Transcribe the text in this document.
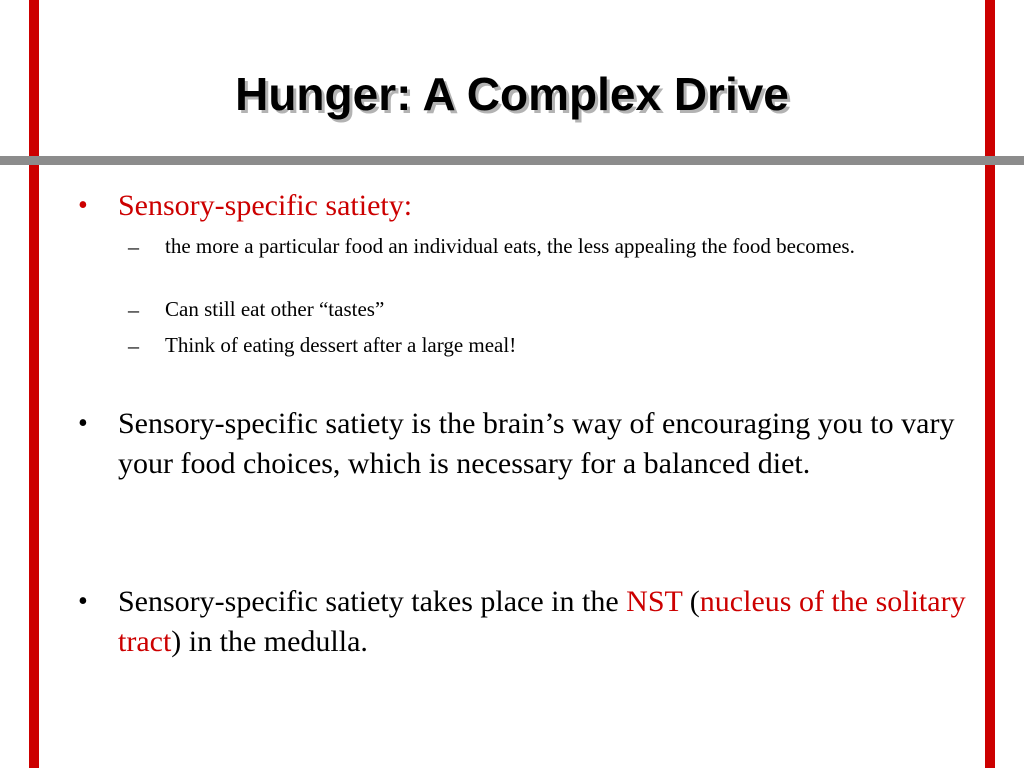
Hunger: A Complex Drive
• Sensory-specific satiety:
– the more a particular food an individual eats, the less appealing the food becomes.
– Can still eat other “tastes”
– Think of eating dessert after a large meal!
• Sensory-specific satiety is the brain’s way of encouraging you to vary your food choices, which is necessary for a balanced diet.
• Sensory-specific satiety takes place in the NST (nucleus of the solitary tract) in the medulla.
